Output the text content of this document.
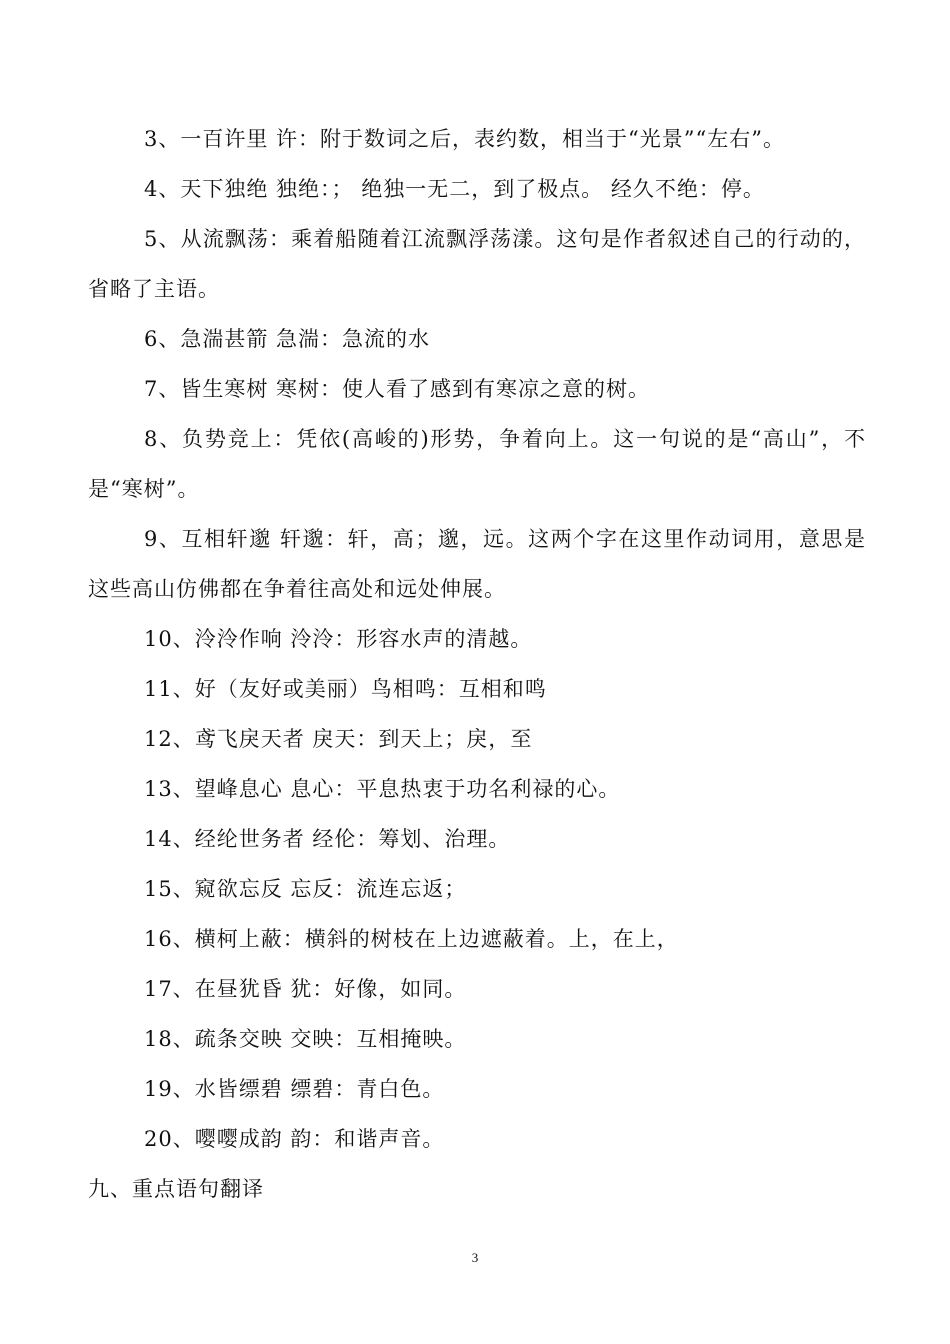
3、一百许里 许：附于数词之后，表约数，相当于“光景”“左右”。

4、天下独绝 独绝：； 绝独一无二，到了极点。 经久不绝：停。

5、从流飘荡：乘着船随着江流飘浮荡漾。这句是作者叙述自己的行动的，省略了主语。

6、急湍甚箭 急湍：急流的水

7、皆生寒树 寒树：使人看了感到有寒凉之意的树。

8、负势竞上：凭依(高峻的)形势，争着向上。这一句说的是“高山”，不是“寒树”。

9、互相轩邈 轩邈：轩，高；邈，远。这两个字在这里作动词用，意思是这些高山仿佛都在争着往高处和远处伸展。

10、泠泠作响 泠泠：形容水声的清越。

11、好（友好或美丽）鸟相鸣：互相和鸣

12、鸢飞戾天者 戾天：到天上；戾，至

13、望峰息心 息心：平息热衷于功名利禄的心。

14、经纶世务者 经伦：筹划、治理。

15、窥欲忘反 忘反：流连忘返；

16、横柯上蔽：横斜的树枝在上边遮蔽着。上，在上，

17、在昼犹昏 犹：好像，如同。

18、疏条交映 交映：互相掩映。

19、水皆缥碧 缥碧：青白色。

20、嘤嘤成韵 韵：和谐声音。

九、重点语句翻译

3
